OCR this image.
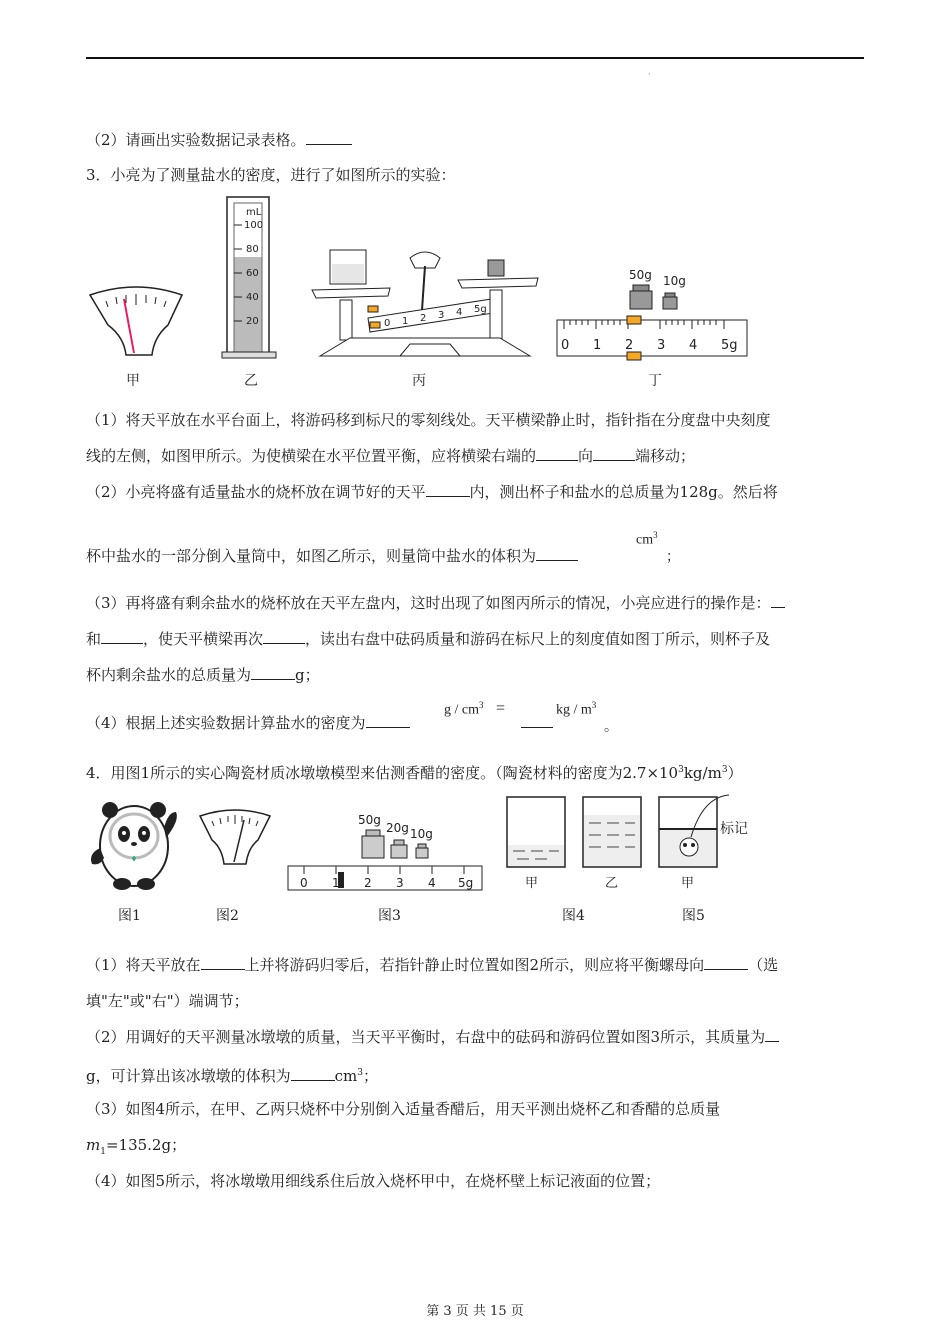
·
（2）请画出实验数据记录表格。
3．小亮为了测量盐水的密度，进行了如图所示的实验：
甲
mL
100
80
60
40
20
乙
0 1 2 3 4 5g
丙
50g 10g
0 1 2 3 4 5g
丁
（1）将天平放在水平台面上，将游码移到标尺的零刻线处。天平横梁静止时，指针指在分度盘中央刻度
线的左侧，如图甲所示。为使横梁在水平位置平衡，应将横梁右端的	向	端移动；
（2）小亮将盛有适量盐水的烧杯放在调节好的天平	内，测出杯子和盐水的总质量为128g。然后将
杯中盐水的一部分倒入量筒中，如图乙所示，则量筒中盐水的体积为
$cm^3$
；
（3）再将盛有剩余盐水的烧杯放在天平左盘内，这时出现了如图丙所示的情况，小亮应进行的操作是：
和	，使天平横梁再次	，读出右盘中砝码质量和游码在标尺上的刻度值如图丁所示，则杯子及
杯内剩余盐水的总质量为	g；
（4）根据上述实验数据计算盐水的密度为
g / $cm^3$ =	kg / $m^3$
。
4．用图1所示的实心陶瓷材质冰墩墩模型来估测香醋的密度。（陶瓷材料的密度为$2.7\times 10^3kg/m^3$）
图1	图2
50g
20g 10g
0 1 2 3 4 5g
图3
甲	乙	甲
标记
图4	图5
（1）将天平放在	上并将游码归零后，若指针静止时位置如图2所示，则应将平衡螺母向	（选
填"左"或"右"）端调节；
（2）用调好的天平测量冰墩墩的质量，当天平平衡时，右盘中的砝码和游码位置如图3所示，其质量为
g，可计算出该冰墩墩的体积为	$cm^3$；
（3）如图4所示，在甲、乙两只烧杯中分别倒入适量香醋后，用天平测出烧杯乙和香醋的总质量
$m_1=135.2g$；
（4）如图5所示，将冰墩墩用细线系住后放入烧杯甲中，在烧杯壁上标记液面的位置；
第 3 页 共 15 页
